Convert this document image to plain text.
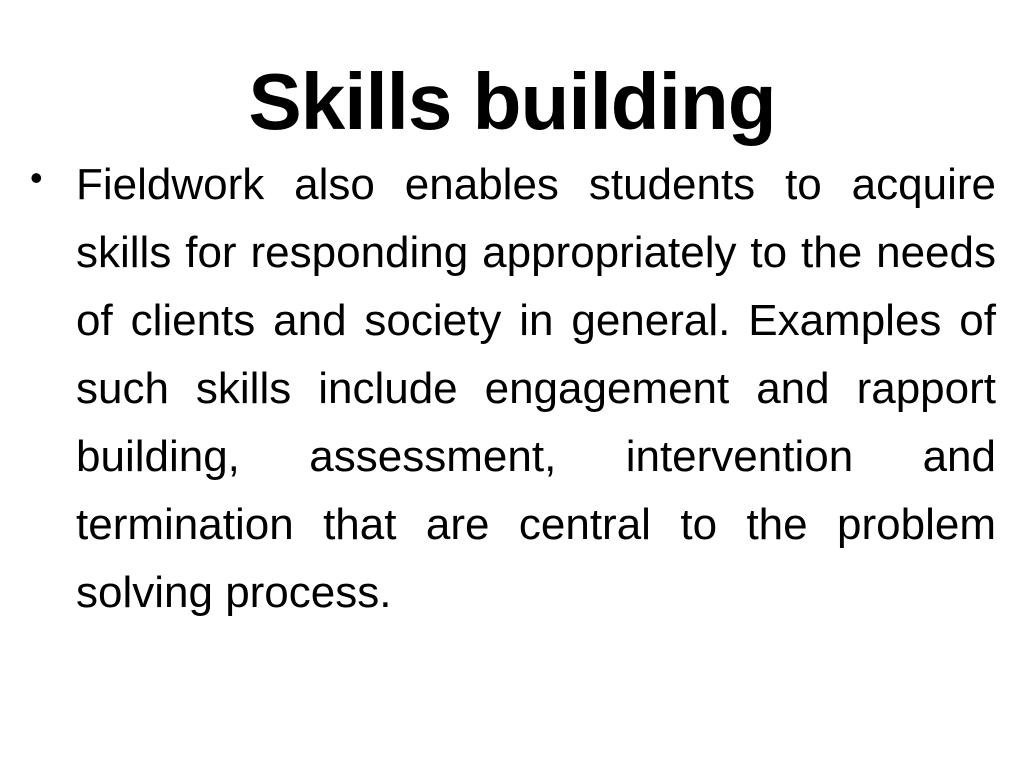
Skills building
• Fieldwork also enables students to acquire skills for responding appropriately to the needs of clients and society in general. Examples of such skills include engagement and rapport building, assessment, intervention and termination that are central to the problem solving process.
